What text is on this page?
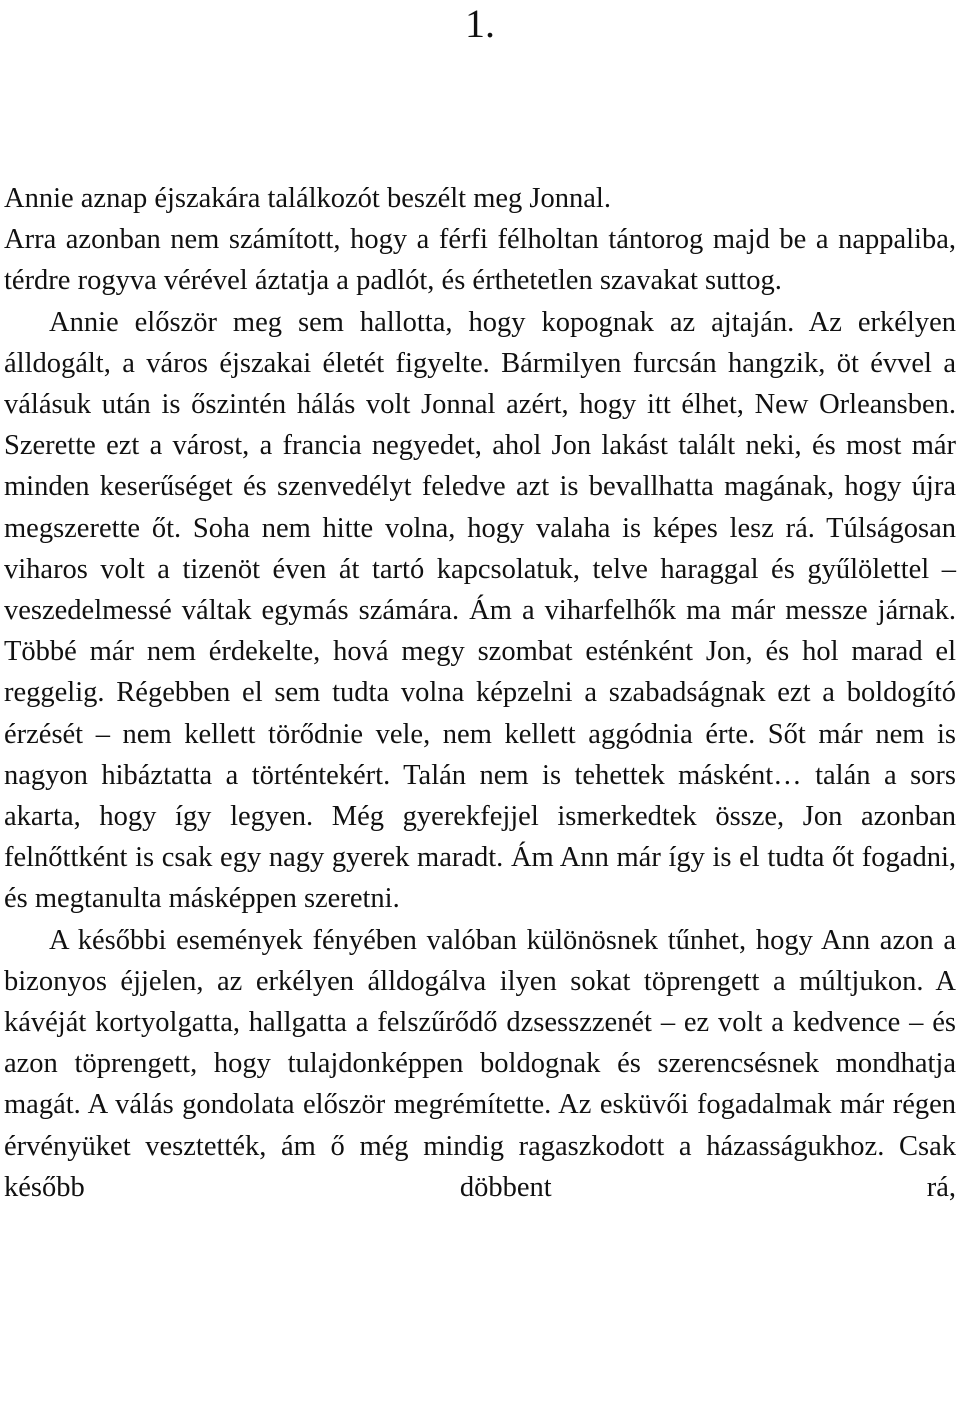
1.

Annie aznap éjszakára találkozót beszélt meg Jonnal.

Arra azonban nem számított, hogy a férfi félholtan tántorog majd be a nappaliba, térdre rogyva vérével áztatja a padlót, és érthetetlen szavakat suttog.

Annie először meg sem hallotta, hogy kopognak az ajtaján. Az erkélyen álldogált, a város éjszakai életét figyelte. Bármilyen furcsán hangzik, öt évvel a válásuk után is őszintén hálás volt Jonnal azért, hogy itt élhet, New Orleansben. Szerette ezt a várost, a francia negyedet, ahol Jon lakást talált neki, és most már minden keserűséget és szenvedélyt feledve azt is bevallhatta magának, hogy újra megszerette őt. Soha nem hitte volna, hogy valaha is képes lesz rá. Túlságosan viharos volt a tizenöt éven át tartó kapcsolatuk, telve haraggal és gyűlölettel – veszedelmessé váltak egymás számára. Ám a viharfelhők ma már messze járnak. Többé már nem érdekelte, hová megy szombat esténként Jon, és hol marad el reggelig. Régebben el sem tudta volna képzelni a szabadságnak ezt a boldogító érzését – nem kellett törődnie vele, nem kellett aggódnia érte. Sőt már nem is nagyon hibáztatta a történtekért. Talán nem is tehettek másként… talán a sors akarta, hogy így legyen. Még gyerekfejjel ismerkedtek össze, Jon azonban felnőttként is csak egy nagy gyerek maradt. Ám Ann már így is el tudta őt fogadni, és megtanulta másképpen szeretni.

A későbbi események fényében valóban különösnek tűnhet, hogy Ann azon a bizonyos éjjelen, az erkélyen álldogálva ilyen sokat töprengett a múltjukon. A kávéját kortyolgatta, hallgatta a felszűrődő dzsesszzenét – ez volt a kedvence – és azon töprengett, hogy tulajdonképpen boldognak és szerencsésnek mondhatja magát. A válás gondolata először megrémítette. Az esküvői fogadalmak már régen érvényüket vesztették, ám ő még mindig ragaszkodott a házasságukhoz. Csak később döbbent rá,
